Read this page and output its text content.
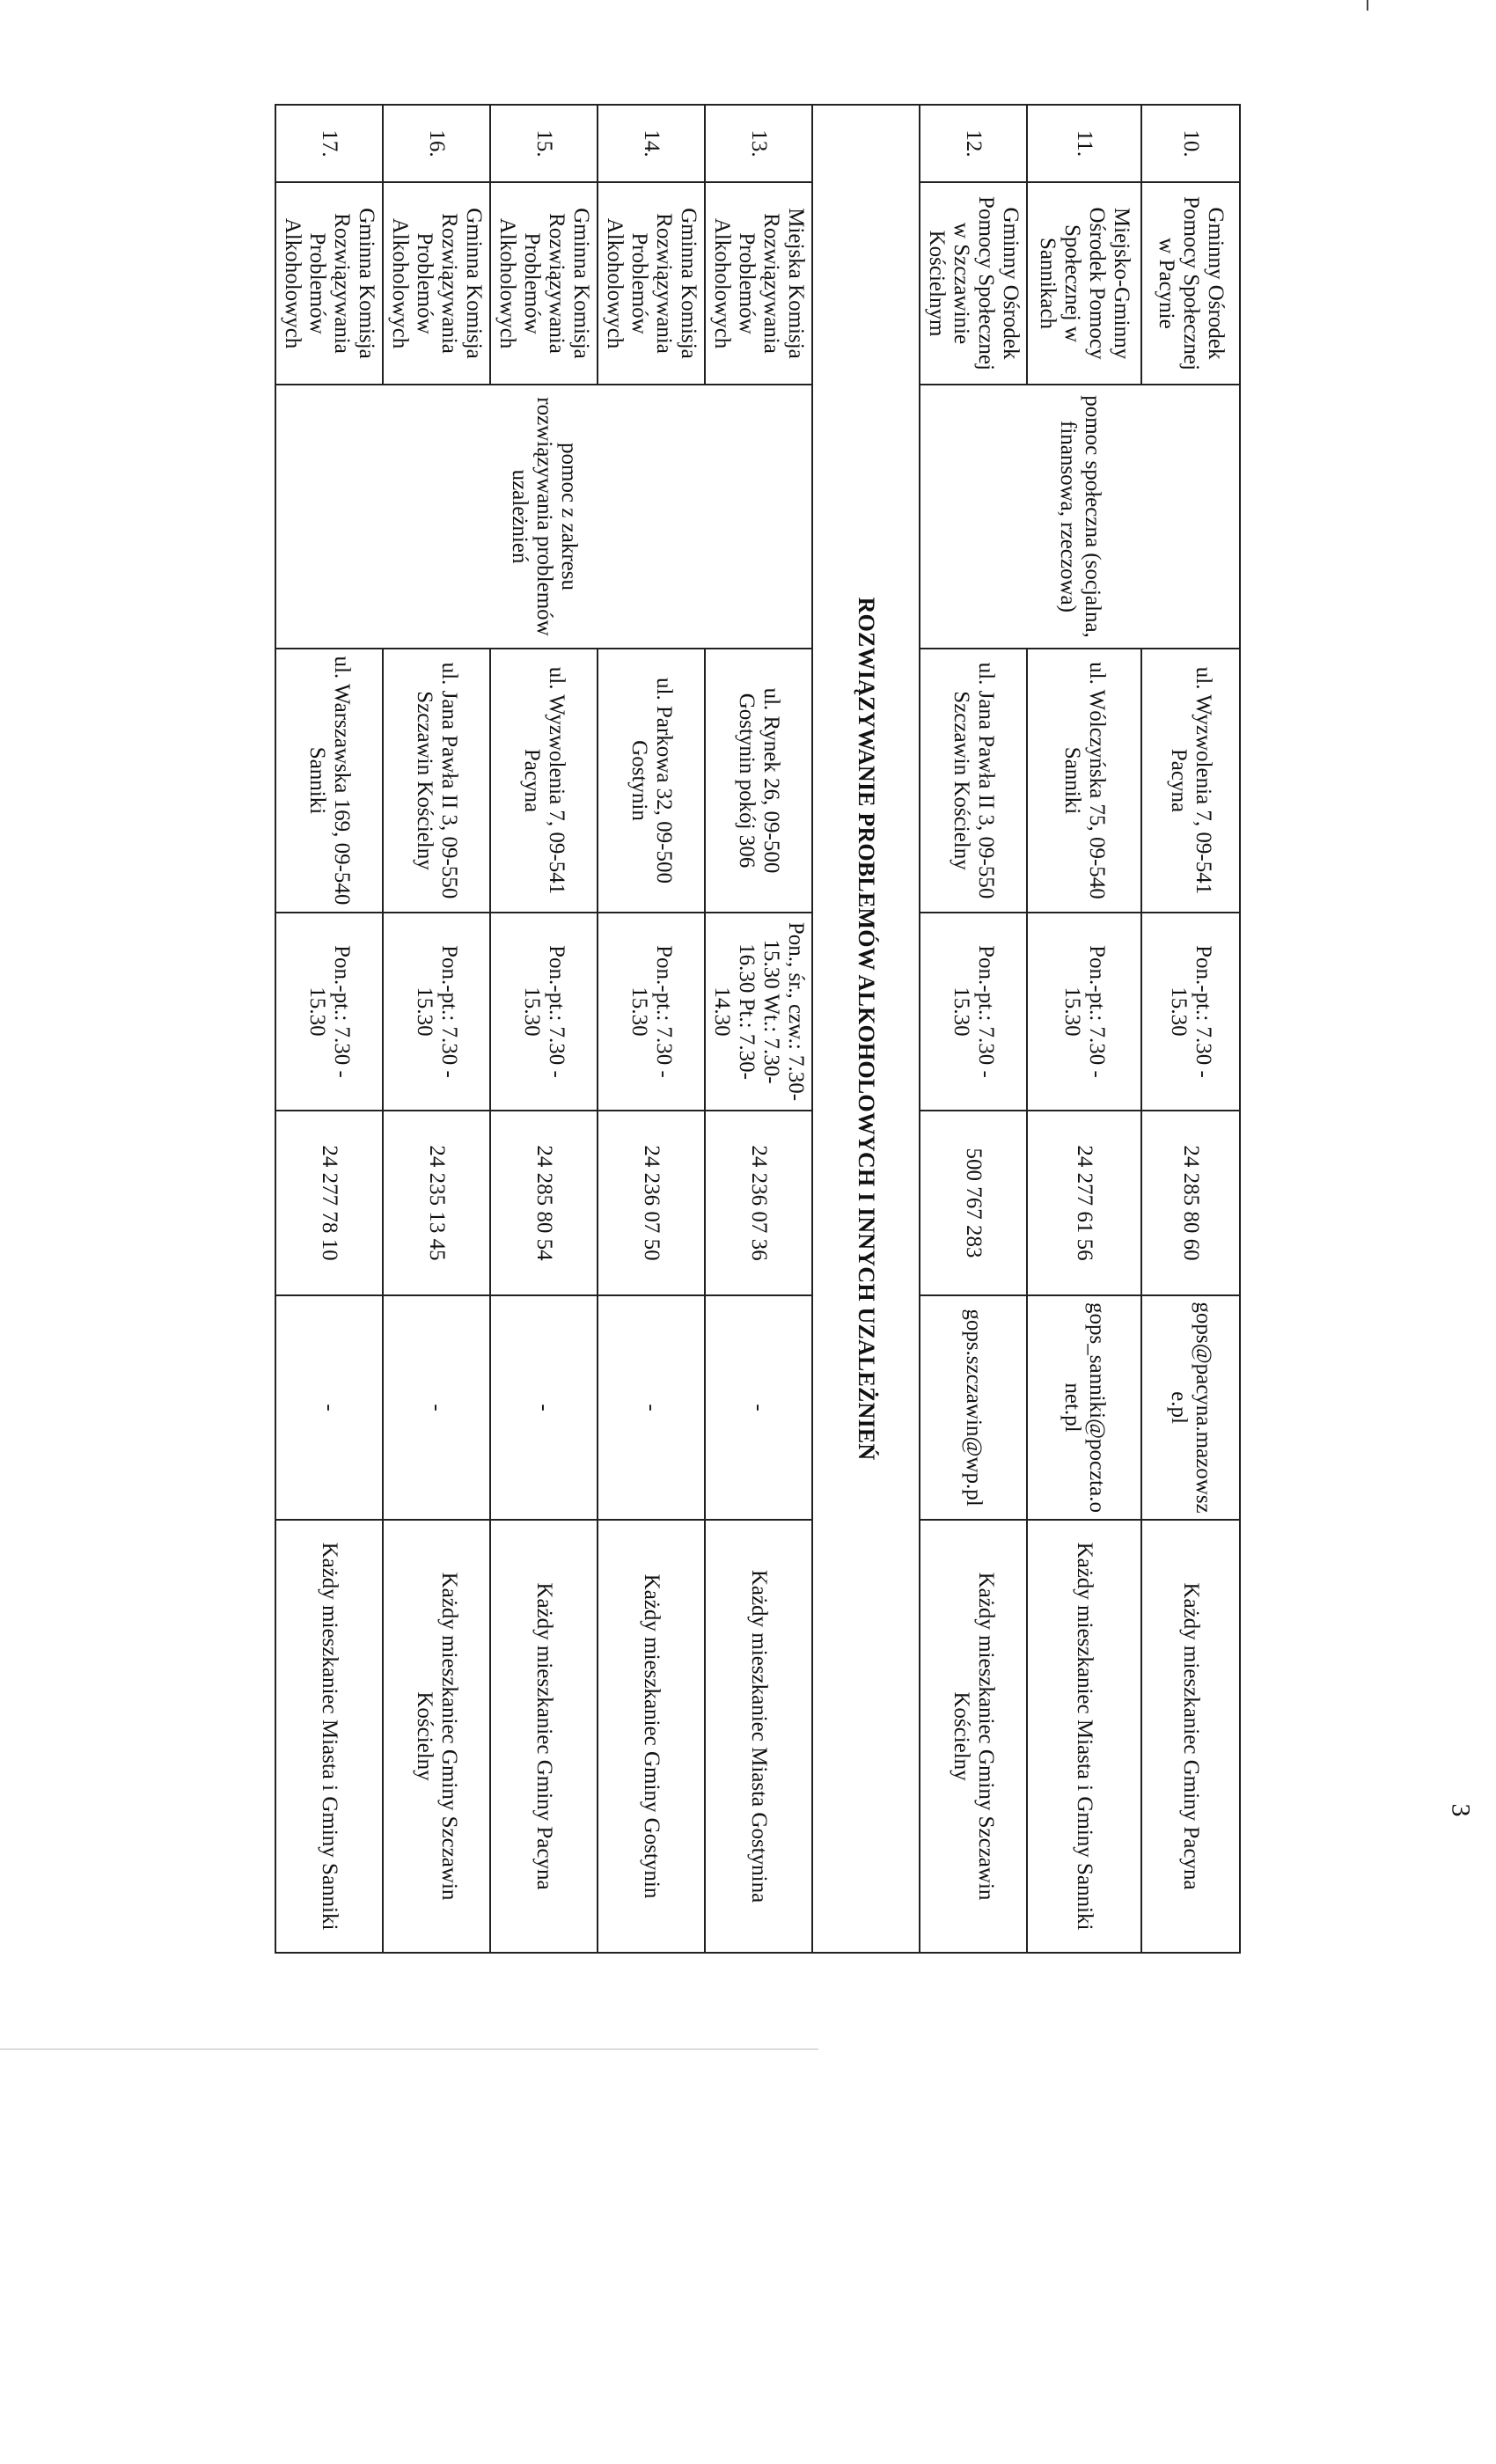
10.	Gminny Ośrodek Pomocy Społecznej w Pacynie	pomoc społeczna (socjalna, finansowa, rzeczowa)	ul. Wyzwolenia 7, 09-541 Pacyna	Pon.-pt.: 7.30 - 15.30	24 285 80 60	gops@pacyna.mazowsze.pl	Każdy mieszkaniec Gminy Pacyna
11.	Miejsko-Gminny Ośrodek Pomocy Społecznej w Sannikach		ul. Wólczyńska 75, 09-540 Sanniki	Pon.-pt.: 7.30 - 15.30	24 277 61 56	gops_sanniki@poczta.onet.pl	Każdy mieszkaniec Miasta i Gminy Sanniki
12.	Gminny Ośrodek Pomocy Społecznej w Szczawinie Kościelnym		ul. Jana Pawła II 3, 09-550 Szczawin Kościelny	Pon.-pt.: 7.30 - 15.30	500 767 283	gops.szczawin@wp.pl	Każdy mieszkaniec Gminy Szczawin Kościelny
ROZWIĄZYWANIE PROBLEMÓW ALKOHOLOWYCH I INNYCH UZALEŻNIEŃ							
13.	Miejska Komisja Rozwiązywania Problemów Alkoholowych	pomoc z zakresu rozwiązywania problemów uzależnień	ul. Rynek 26, 09-500 Gostynin pokój 306	Pon., śr., czw.: 7.30-15.30 Wt.: 7.30-16.30 Pt.: 7.30-14.30	24 236 07 36	-	Każdy mieszkaniec Miasta Gostynina
14.	Gminna Komisja Rozwiązywania Problemów Alkoholowych		ul. Parkowa 32, 09-500 Gostynin	Pon.-pt.: 7.30 - 15.30	24 236 07 50	-	Każdy mieszkaniec Gminy Gostynin
15.	Gminna Komisja Rozwiązywania Problemów Alkoholowych		ul. Wyzwolenia 7, 09-541 Pacyna	Pon.-pt.: 7.30 - 15.30	24 285 80 54	-	Każdy mieszkaniec Gminy Pacyna
16.	Gminna Komisja Rozwiązywania Problemów Alkoholowych		ul. Jana Pawła II 3, 09-550 Szczawin Kościelny	Pon.-pt.: 7.30 - 15.30	24 235 13 45	-	Każdy mieszkaniec Gminy Szczawin Kościelny
17.	Gminna Komisja Rozwiązywania Problemów Alkoholowych		ul. Warszawska 169, 09-540 Sanniki	Pon.-pt.: 7.30 - 15.30	24 277 78 10	-	Każdy mieszkaniec Miasta i Gminy Sanniki	3
